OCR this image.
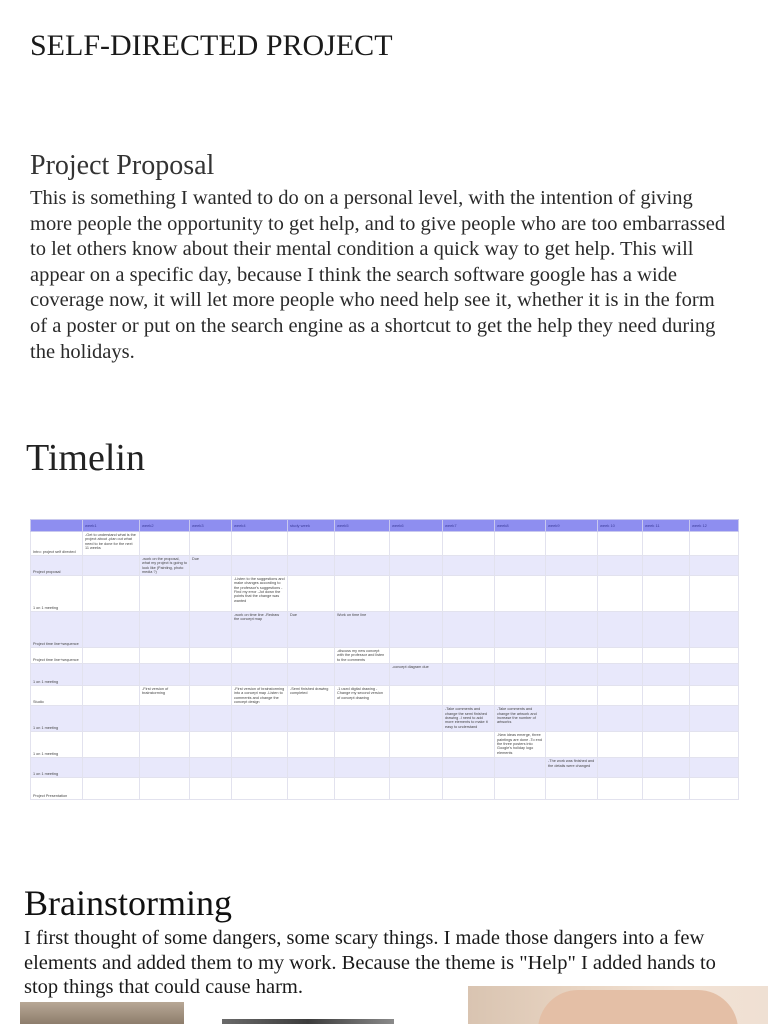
SELF-DIRECTED PROJECT
Project Proposal

This is something I wanted to do on a personal level, with the intention of giving more people the opportunity to get help, and to give people who are too embarrassed to let others know about their mental condition a quick way to get help. This will appear on a specific day, because I think the search software google has a wide coverage now, it will let more people who need help see it, whether it is in the form of a poster or put on the search engine as a shortcut to get the help they need during the holidays.

Timelin
	week1	week2	week3	week4	study week	week5	week6	week7	week8	week9	week 10	week 11	week 12
Intro: project self directed	-Get to understand what is the project about -plan out what need to be done for the next 11 weeks												
Project proposal		-work on the proposal, what my project is going to look like (Painting, photo media ?)	Due										
1 on 1 meeting				-Listen to the suggestions and make changes according to the professor's suggestions -Find my error -Jot down the points that the change was wanted									
Project time line+sequence				-work on time line -Redraw the concept map	Due	Work on time line							
Project time line+sequence						-discuss my new concept with the professor and listen to the comments							
1 on 1 meeting							-concept diagram due						
Studio		-First version of brainstorming		-First version of brainstorming into a concept map -Listen to comments and change the concept design	-Semi finished drawing completed	-1 used digital drawing -Change my second version of concept drawing							
1 on 1 meeting								-Take comments and change the semi finished drawing -I need to add more elements to make it easy to understand	-Take comments and change the artwork and increase the number of artworks				
1 on 1 meeting									-New ideas emerge, three paintings are done -To end the three posters into Google's holiday logo elements				
1 on 1 meeting										-The work was finished and the details were changed			
Project Presentation													
Brainstorming

I first thought of some dangers, some scary things. I made those dangers into a few elements and added them to my work. Because the theme is "Help" I added hands to stop things that could cause harm.
